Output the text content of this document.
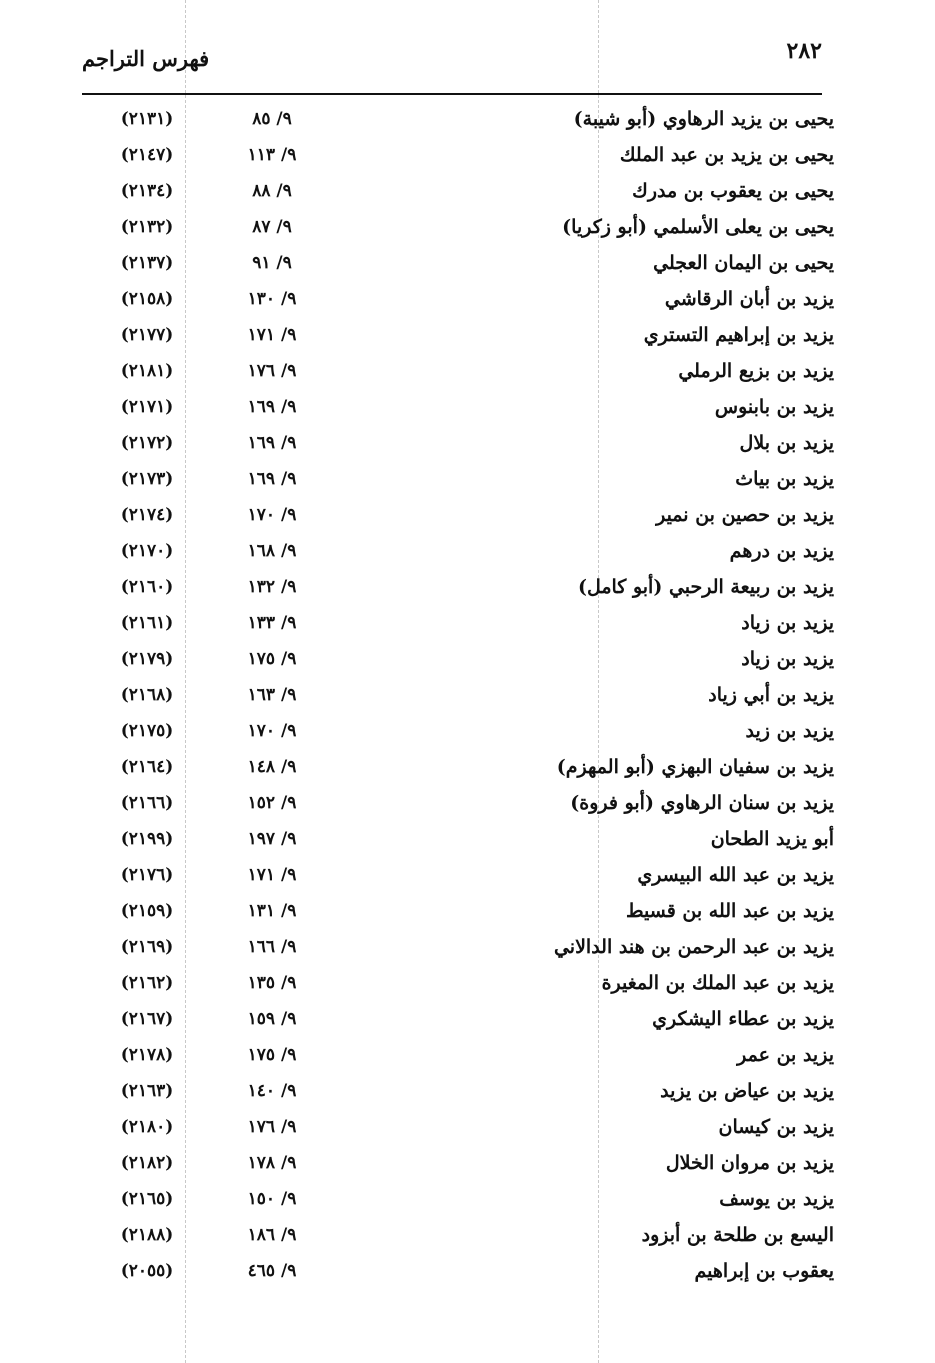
٢٨٢
فهرس التراجم
يحيى بن يزيد الرهاوي (أبو شيبة)
٩/ ٨٥
(٢١٣١)
يحيى بن يزيد بن عبد الملك
٩/ ١١٣
(٢١٤٧)
يحيى بن يعقوب بن مدرك
٩/ ٨٨
(٢١٣٤)
يحيى بن يعلى الأسلمي (أبو زكريا)
٩/ ٨٧
(٢١٣٢)
يحيى بن اليمان العجلي
٩/ ٩١
(٢١٣٧)
يزيد بن أبان الرقاشي
٩/ ١٣٠
(٢١٥٨)
يزيد بن إبراهيم التستري
٩/ ١٧١
(٢١٧٧)
يزيد بن بزيع الرملي
٩/ ١٧٦
(٢١٨١)
يزيد بن بابنوس
٩/ ١٦٩
(٢١٧١)
يزيد بن بلال
٩/ ١٦٩
(٢١٧٢)
يزيد بن بياث
٩/ ١٦٩
(٢١٧٣)
يزيد بن حصين بن نمير
٩/ ١٧٠
(٢١٧٤)
يزيد بن درهم
٩/ ١٦٨
(٢١٧٠)
يزيد بن ربيعة الرحبي (أبو كامل)
٩/ ١٣٢
(٢١٦٠)
يزيد بن زياد
٩/ ١٣٣
(٢١٦١)
يزيد بن زياد
٩/ ١٧٥
(٢١٧٩)
يزيد بن أبي زياد
٩/ ١٦٣
(٢١٦٨)
يزيد بن زيد
٩/ ١٧٠
(٢١٧٥)
يزيد بن سفيان البهزي (أبو المهزم)
٩/ ١٤٨
(٢١٦٤)
يزيد بن سنان الرهاوي (أبو فروة)
٩/ ١٥٢
(٢١٦٦)
أبو يزيد الطحان
٩/ ١٩٧
(٢١٩٩)
يزيد بن عبد الله البيسري
٩/ ١٧١
(٢١٧٦)
يزيد بن عبد الله بن قسيط
٩/ ١٣١
(٢١٥٩)
يزيد بن عبد الرحمن بن هند الدالاني
٩/ ١٦٦
(٢١٦٩)
يزيد بن عبد الملك بن المغيرة
٩/ ١٣٥
(٢١٦٢)
يزيد بن عطاء اليشكري
٩/ ١٥٩
(٢١٦٧)
يزيد بن عمر
٩/ ١٧٥
(٢١٧٨)
يزيد بن عياض بن يزيد
٩/ ١٤٠
(٢١٦٣)
يزيد بن كيسان
٩/ ١٧٦
(٢١٨٠)
يزيد بن مروان الخلال
٩/ ١٧٨
(٢١٨٢)
يزيد بن يوسف
٩/ ١٥٠
(٢١٦٥)
اليسع بن طلحة بن أبزود
٩/ ١٨٦
(٢١٨٨)
يعقوب بن إبراهيم
٩/ ٤٦٥
(٢٠٥٥)
